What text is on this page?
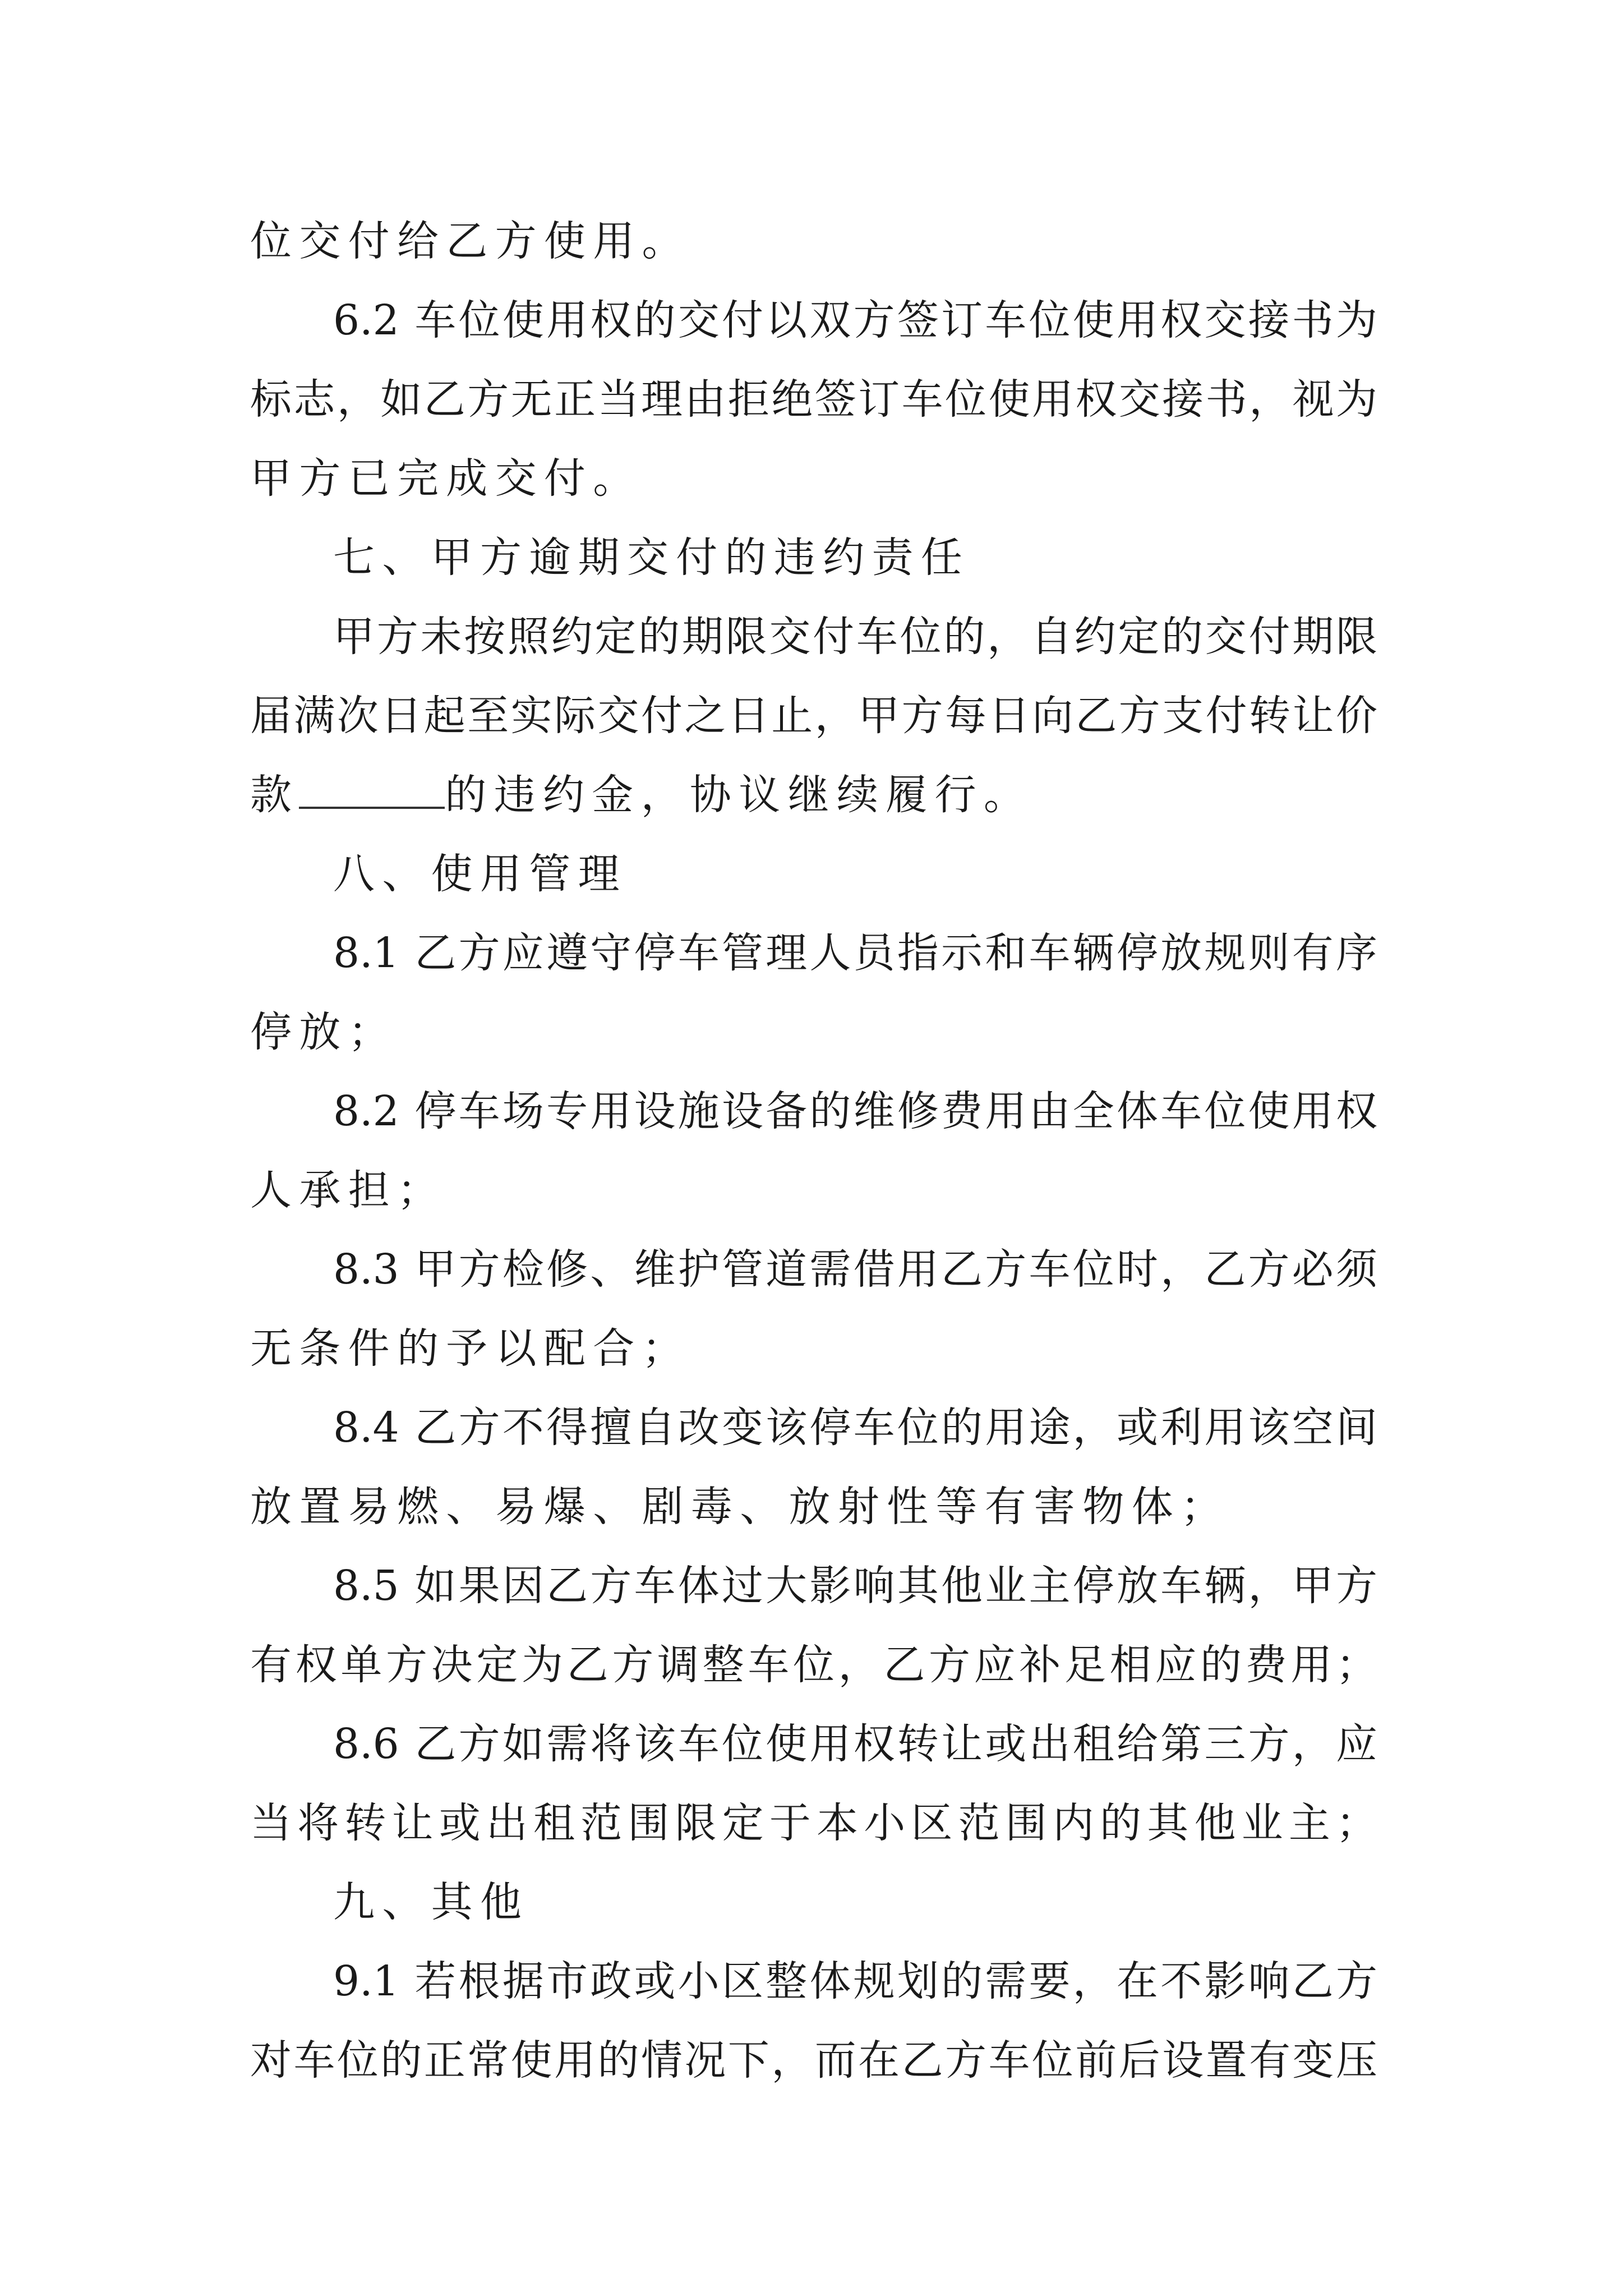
位交付给乙方使用。
6.2 车位使用权的交付以双方签订车位使用权交接书为
标志，如乙方无正当理由拒绝签订车位使用权交接书，视为
甲方已完成交付。
七、甲方逾期交付的违约责任
甲方未按照约定的期限交付车位的，自约定的交付期限
届满次日起至实际交付之日止，甲方每日向乙方支付转让价
款	的违约金，协议继续履行。
八、使用管理
8.1 乙方应遵守停车管理人员指示和车辆停放规则有序
停放；
8.2 停车场专用设施设备的维修费用由全体车位使用权
人承担；
8.3 甲方检修、维护管道需借用乙方车位时，乙方必须
无条件的予以配合；
8.4 乙方不得擅自改变该停车位的用途，或利用该空间
放置易燃、易爆、剧毒、放射性等有害物体；
8.5 如果因乙方车体过大影响其他业主停放车辆，甲方
有权单方决定为乙方调整车位，乙方应补足相应的费用；
8.6 乙方如需将该车位使用权转让或出租给第三方，应
当将转让或出租范围限定于本小区范围内的其他业主；
九、其他
9.1 若根据市政或小区整体规划的需要，在不影响乙方
对车位的正常使用的情况下，而在乙方车位前后设置有变压
